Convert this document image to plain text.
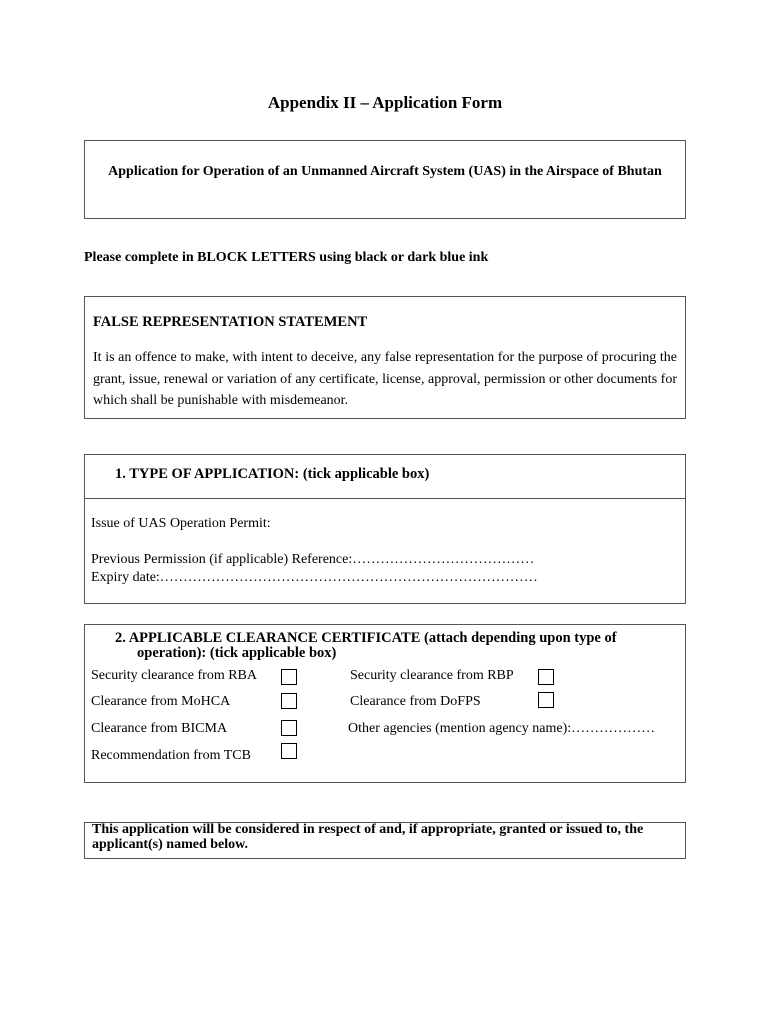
Appendix II – Application Form
Application for Operation of an Unmanned Aircraft System (UAS) in the Airspace of Bhutan
Please complete in BLOCK LETTERS using black or dark blue ink
FALSE REPRESENTATION STATEMENT
It is an offence to make, with intent to deceive, any false representation for the purpose of procuring the grant, issue, renewal or variation of any certificate, license, approval, permission or other documents for which shall be punishable with misdemeanor.
1. TYPE OF APPLICATION: (tick applicable box)
Issue of UAS Operation Permit:
Previous Permission (if applicable) Reference:…………………………………
Expiry date:………………………………………………………………………
2. APPLICABLE CLEARANCE CERTIFICATE (attach depending upon type of
operation): (tick applicable box)
Security clearance from RBA	Security clearance from RBP
Clearance from MoHCA	Clearance from DoFPS
Clearance from BICMA	Other agencies (mention agency name):………………
Recommendation from TCB
This application will be considered in respect of and, if appropriate, granted or issued to, the applicant(s) named below.
